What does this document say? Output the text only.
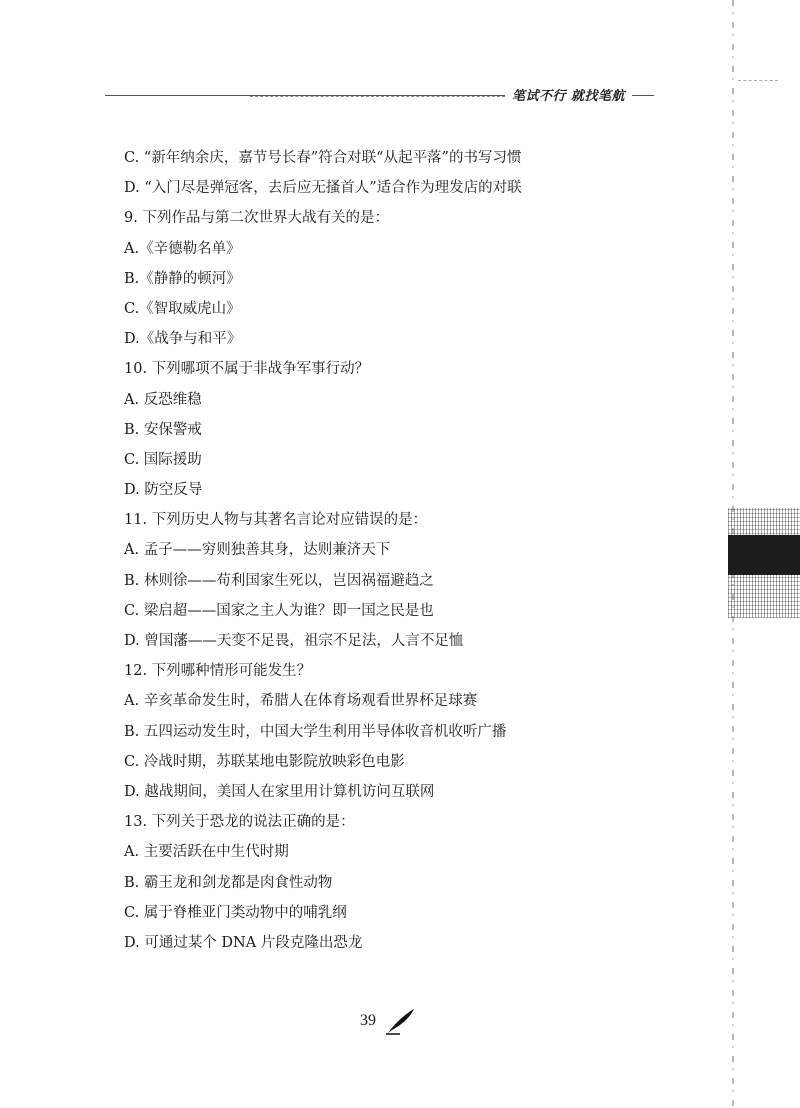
笔试不行 就找笔航
C. “新年纳余庆，嘉节号长春”符合对联“从起平落”的书写习惯
D. “入门尽是弹冠客，去后应无搔首人”适合作为理发店的对联
9. 下列作品与第二次世界大战有关的是：
A.《辛德勒名单》
B.《静静的顿河》
C.《智取威虎山》
D.《战争与和平》
10. 下列哪项不属于非战争军事行动？
A. 反恐维稳
B. 安保警戒
C. 国际援助
D. 防空反导
11. 下列历史人物与其著名言论对应错误的是：
A. 孟子——穷则独善其身，达则兼济天下
B. 林则徐——苟利国家生死以，岂因祸福避趋之
C. 梁启超——国家之主人为谁？即一国之民是也
D. 曾国藩——天变不足畏，祖宗不足法，人言不足恤
12. 下列哪种情形可能发生？
A. 辛亥革命发生时，希腊人在体育场观看世界杯足球赛
B. 五四运动发生时，中国大学生利用半导体收音机收听广播
C. 冷战时期，苏联某地电影院放映彩色电影
D. 越战期间，美国人在家里用计算机访问互联网
13. 下列关于恐龙的说法正确的是：
A. 主要活跃在中生代时期
B. 霸王龙和剑龙都是肉食性动物
C. 属于脊椎亚门类动物中的哺乳纲
D. 可通过某个 DNA 片段克隆出恐龙
39
